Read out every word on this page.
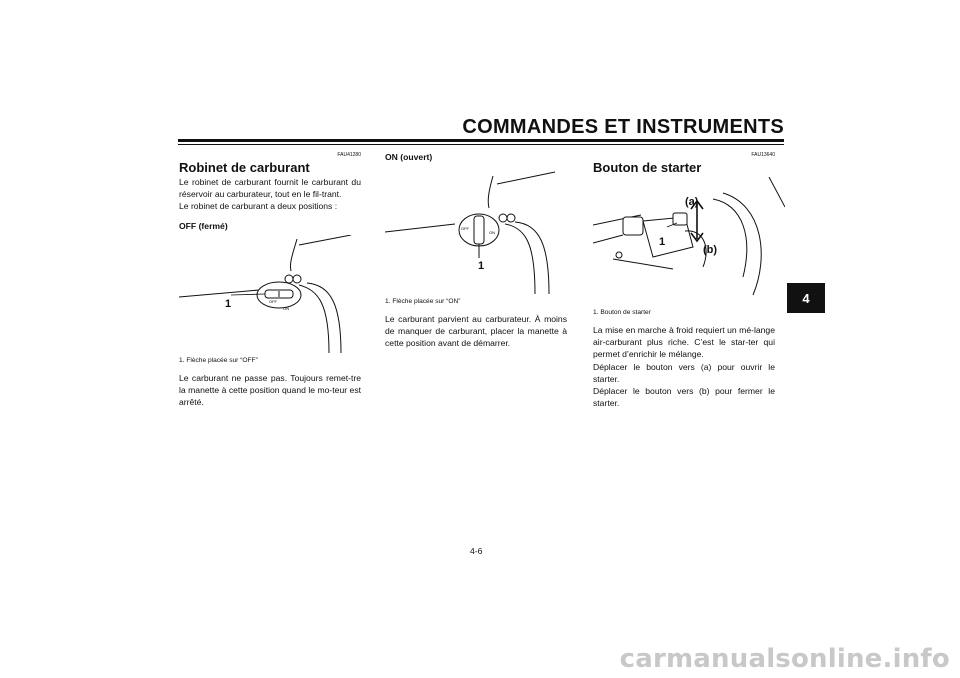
COMMANDES ET INSTRUMENTS
4
FAU41280
Robinet de carburant

Le robinet de carburant fournit le carburant du réservoir au carburateur, tout en le fil-trant.

Le robinet de carburant a deux positions :

OFF (fermé)
OFF
ON
1
1. Flèche placée sur “OFF”

Le carburant ne passe pas. Toujours remet-tre la manette à cette position quand le mo-teur est arrêté.

ON (ouvert)
OFF
ON
1
1. Flèche placée sur “ON”

Le carburant parvient au carburateur. À moins de manquer de carburant, placer la manette à cette position avant de démarrer.

FAU13640
Bouton de starter
(a)
(b)
1
1. Bouton de starter

La mise en marche à froid requiert un mé-lange air-carburant plus riche. C’est le star-ter qui permet d’enrichir le mélange.

Déplacer le bouton vers (a) pour ouvrir le starter.

Déplacer le bouton vers (b) pour fermer le starter.

4-6
carmanualsonline.info
